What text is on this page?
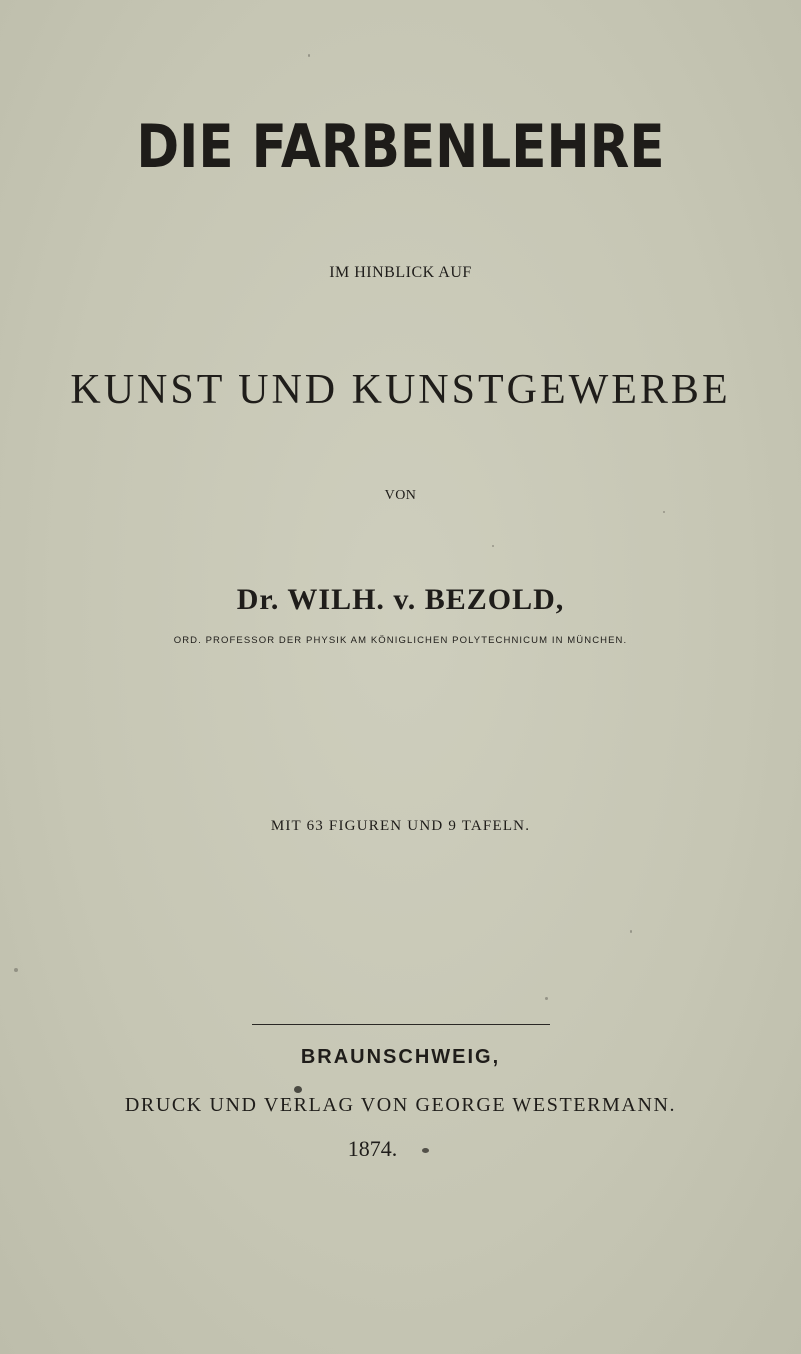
DIE FARBENLEHRE
IM HINBLICK AUF
KUNST UND KUNSTGEWERBE
VON
Dr. WILH. v. BEZOLD,
ORD. PROFESSOR DER PHYSIK AM KÖNIGLICHEN POLYTECHNICUM IN MÜNCHEN.
MIT 63 FIGUREN UND 9 TAFELN.
BRAUNSCHWEIG,
DRUCK UND VERLAG VON GEORGE WESTERMANN.
1874.
